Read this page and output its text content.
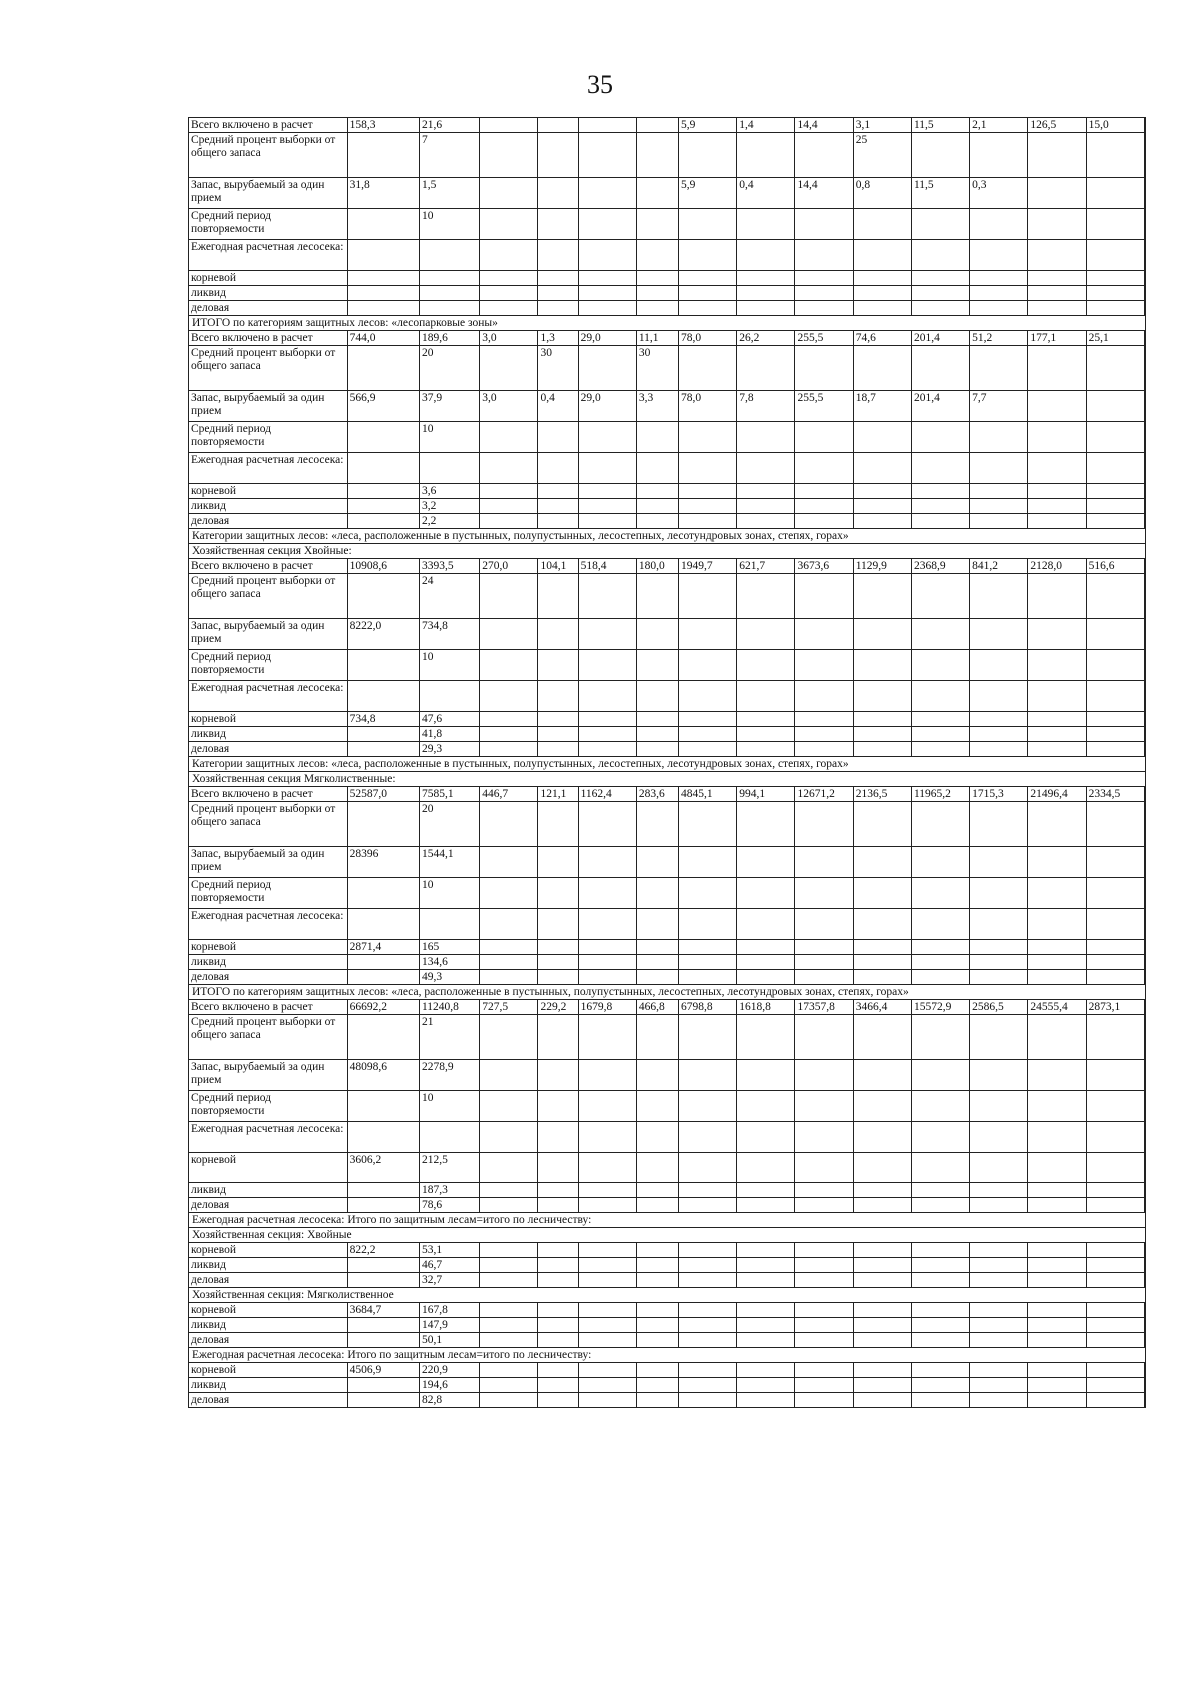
35
Всего включено в расчет	158,3	21,6					5,9	1,4	14,4	3,1	11,5	2,1	126,5	15,0	
Средний процент выборки от общего запаса		7								25					
Запас, вырубаемый за один прием	31,8	1,5					5,9	0,4	14,4	0,8	11,5	0,3			
Средний период повторяемости		10													
Ежегодная расчетная лесосека:															
корневой															
ликвид															
деловая															
ИТОГО по категориям защитных лесов: «лесопарковые зоны»															
Всего включено в расчет	744,0	189,6	3,0	1,3	29,0	11,1	78,0	26,2	255,5	74,6	201,4	51,2	177,1	25,1	
Средний процент выборки от общего запаса		20		30		30									
Запас, вырубаемый за один прием	566,9	37,9	3,0	0,4	29,0	3,3	78,0	7,8	255,5	18,7	201,4	7,7			
Средний период повторяемости		10													
Ежегодная расчетная лесосека:															
корневой		3,6													
ликвид		3,2													
деловая		2,2													
Категории защитных лесов: «леса, расположенные в пустынных, полупустынных, лесостепных, лесотундровых зонах, степях, горах»															
Хозяйственная секция Хвойные:															
Всего включено в расчет	10908,6	3393,5	270,0	104,1	518,4	180,0	1949,7	621,7	3673,6	1129,9	2368,9	841,2	2128,0	516,6	
Средний процент выборки от общего запаса		24													
Запас, вырубаемый за один прием	8222,0	734,8													
Средний период повторяемости		10													
Ежегодная расчетная лесосека:															
корневой	734,8	47,6													
ликвид		41,8													
деловая		29,3													
Категории защитных лесов: «леса, расположенные в пустынных, полупустынных, лесостепных, лесотундровых зонах, степях, горах»															
Хозяйственная секция Мягколиственные:															
Всего включено в расчет	52587,0	7585,1	446,7	121,1	1162,4	283,6	4845,1	994,1	12671,2	2136,5	11965,2	1715,3	21496,4	2334,5	
Средний процент выборки от общего запаса		20													
Запас, вырубаемый за один прием	28396	1544,1													
Средний период повторяемости		10													
Ежегодная расчетная лесосека:															
корневой	2871,4	165													
ликвид		134,6													
деловая		49,3													
ИТОГО по категориям защитных лесов: «леса, расположенные в пустынных, полупустынных, лесостепных, лесотундровых зонах, степях, горах»															
Всего включено в расчет	66692,2	11240,8	727,5	229,2	1679,8	466,8	6798,8	1618,8	17357,8	3466,4	15572,9	2586,5	24555,4	2873,1	
Средний процент выборки от общего запаса		21													
Запас, вырубаемый за один прием	48098,6	2278,9													
Средний период повторяемости		10													
Ежегодная расчетная лесосека:															
корневой	3606,2	212,5													
ликвид		187,3													
деловая		78,6													
Ежегодная расчетная лесосека: Итого по защитным лесам=итого по лесничеству:															
Хозяйственная секция: Хвойные															
корневой	822,2	53,1													
ликвид		46,7													
деловая		32,7													
Хозяйственная секция: Мягколиственное															
корневой	3684,7	167,8													
ликвид		147,9													
деловая		50,1													
Ежегодная расчетная лесосека: Итого по защитным лесам=итого по лесничеству:															
корневой	4506,9	220,9													
ликвид		194,6													
деловая		82,8													
